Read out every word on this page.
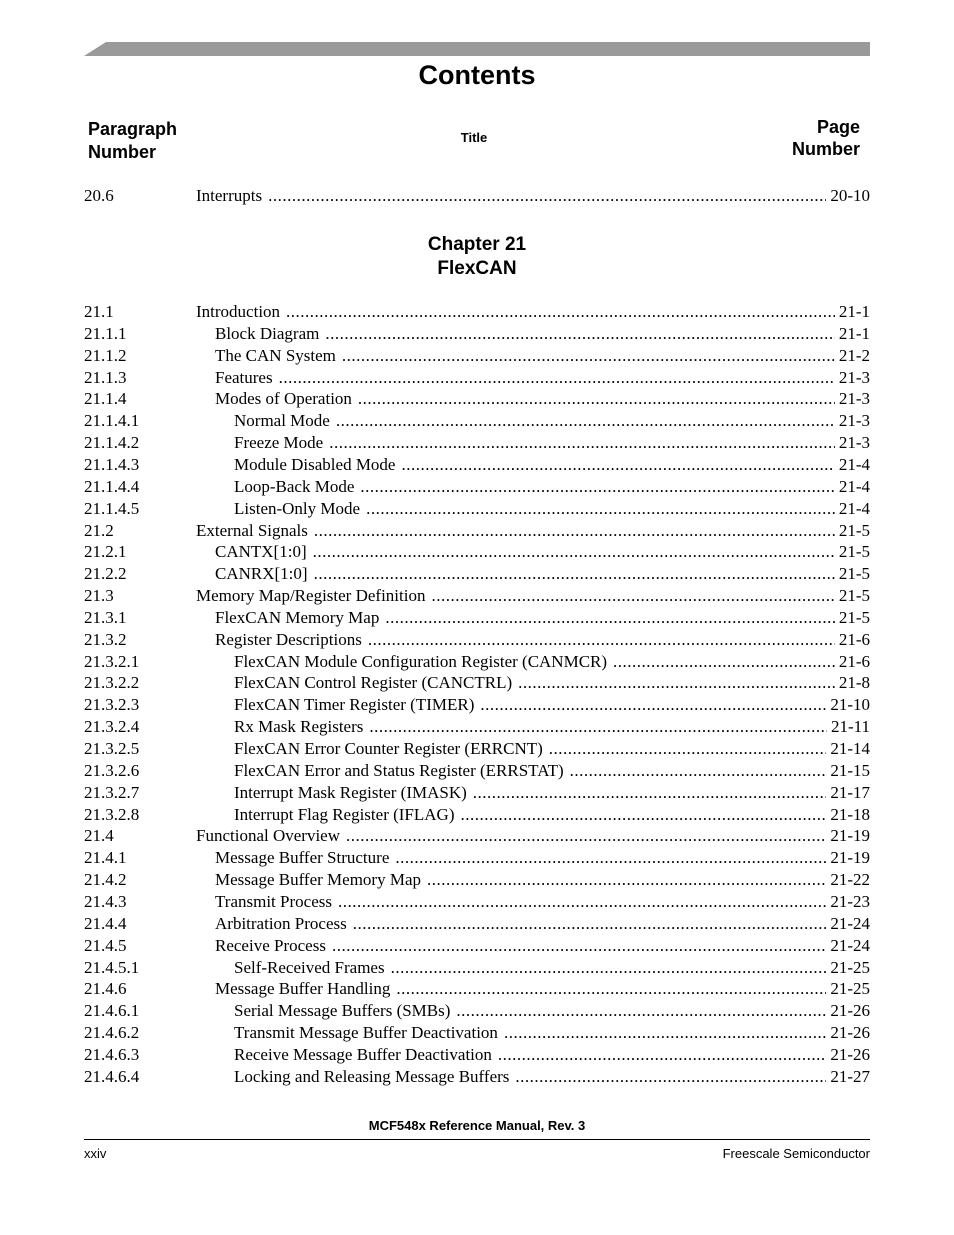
Contents
Paragraph
Number
Title
Page
Number
20.6	Interrupts .....	20-10
Chapter 21
FlexCAN
21.1	Introduction .....	21-1
21.1.1	Block Diagram .....	21-1
21.1.2	The CAN System .....	21-2
21.1.3	Features .....	21-3
21.1.4	Modes of Operation .....	21-3
21.1.4.1	Normal Mode .....	21-3
21.1.4.2	Freeze Mode .....	21-3
21.1.4.3	Module Disabled Mode .....	21-4
21.1.4.4	Loop-Back Mode .....	21-4
21.1.4.5	Listen-Only Mode .....	21-4
21.2	External Signals .....	21-5
21.2.1	CANTX[1:0] .....	21-5
21.2.2	CANRX[1:0] .....	21-5
21.3	Memory Map/Register Definition .....	21-5
21.3.1	FlexCAN Memory Map .....	21-5
21.3.2	Register Descriptions .....	21-6
21.3.2.1	FlexCAN Module Configuration Register (CANMCR) .....	21-6
21.3.2.2	FlexCAN Control Register (CANCTRL) .....	21-8
21.3.2.3	FlexCAN Timer Register (TIMER) .....	21-10
21.3.2.4	Rx Mask Registers .....	21-11
21.3.2.5	FlexCAN Error Counter Register (ERRCNT) .....	21-14
21.3.2.6	FlexCAN Error and Status Register (ERRSTAT) .....	21-15
21.3.2.7	Interrupt Mask Register (IMASK) .....	21-17
21.3.2.8	Interrupt Flag Register (IFLAG) .....	21-18
21.4	Functional Overview .....	21-19
21.4.1	Message Buffer Structure .....	21-19
21.4.2	Message Buffer Memory Map .....	21-22
21.4.3	Transmit Process .....	21-23
21.4.4	Arbitration Process .....	21-24
21.4.5	Receive Process .....	21-24
21.4.5.1	Self-Received Frames .....	21-25
21.4.6	Message Buffer Handling .....	21-25
21.4.6.1	Serial Message Buffers (SMBs) .....	21-26
21.4.6.2	Transmit Message Buffer Deactivation .....	21-26
21.4.6.3	Receive Message Buffer Deactivation .....	21-26
21.4.6.4	Locking and Releasing Message Buffers .....	21-27
MCF548x Reference Manual, Rev. 3
xxiv	Freescale Semiconductor
